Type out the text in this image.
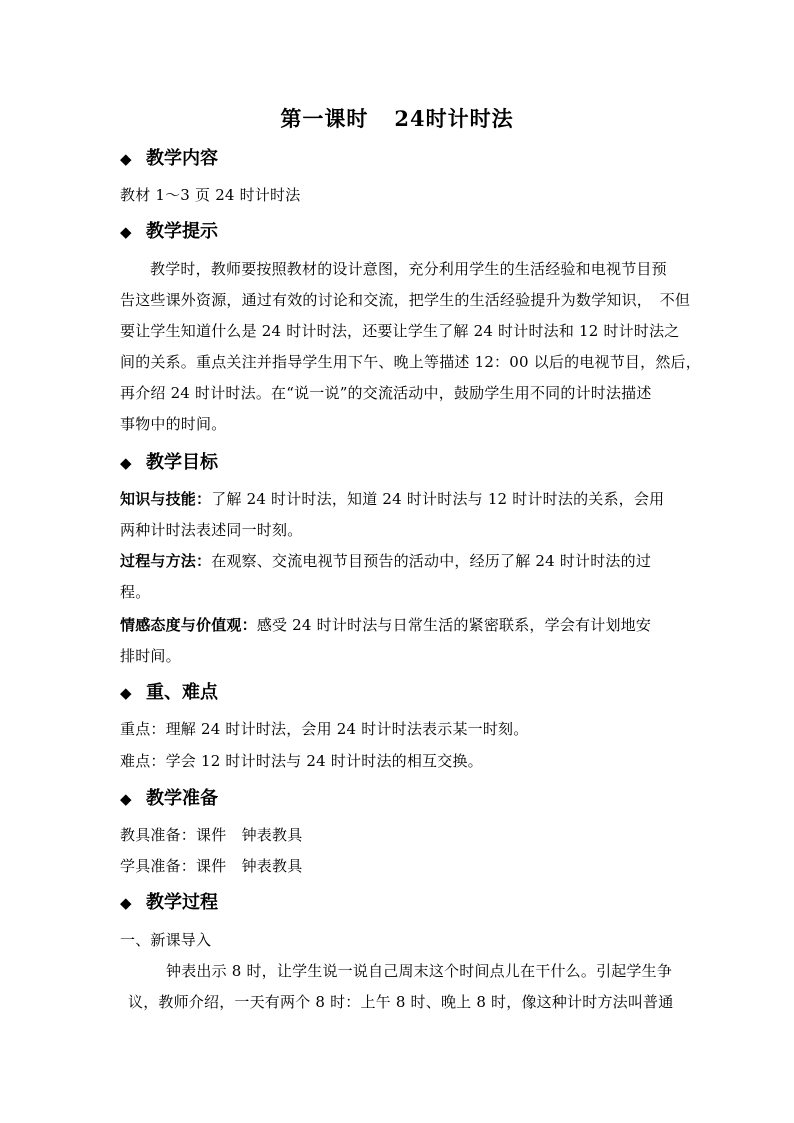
第一课时 24时计时法
◆ 教学内容
教材 1～3 页 24 时计时法
◆ 教学提示
教学时，教师要按照教材的设计意图，充分利用学生的生活经验和电视节目预
告这些课外资源，通过有效的讨论和交流，把学生的生活经验提升为数学知识，　不但
要让学生知道什么是 24 时计时法，还要让学生了解 24 时计时法和 12 时计时法之
间的关系。重点关注并指导学生用下午、晚上等描述 12：00 以后的电视节目，然后，
再介绍 24 时计时法。在“说一说”的交流活动中，鼓励学生用不同的计时法描述
事物中的时间。
◆ 教学目标
知识与技能：了解 24 时计时法，知道 24 时计时法与 12 时计时法的关系，会用
两种计时法表述同一时刻。
过程与方法：在观察、交流电视节目预告的活动中，经历了解 24 时计时法的过
程。
情感态度与价值观：感受 24 时计时法与日常生活的紧密联系，学会有计划地安
排时间。
◆ 重、难点
重点：理解 24 时计时法，会用 24 时计时法表示某一时刻。
难点：学会 12 时计时法与 24 时计时法的相互交换。
◆ 教学准备
教具准备：课件　钟表教具
学具准备：课件　钟表教具
◆ 教学过程
一、新课导入
钟表出示 8 时，让学生说一说自己周末这个时间点儿在干什么。引起学生争
议，教师介绍，一天有两个 8 时：上午 8 时、晚上 8 时，像这种计时方法叫普通
